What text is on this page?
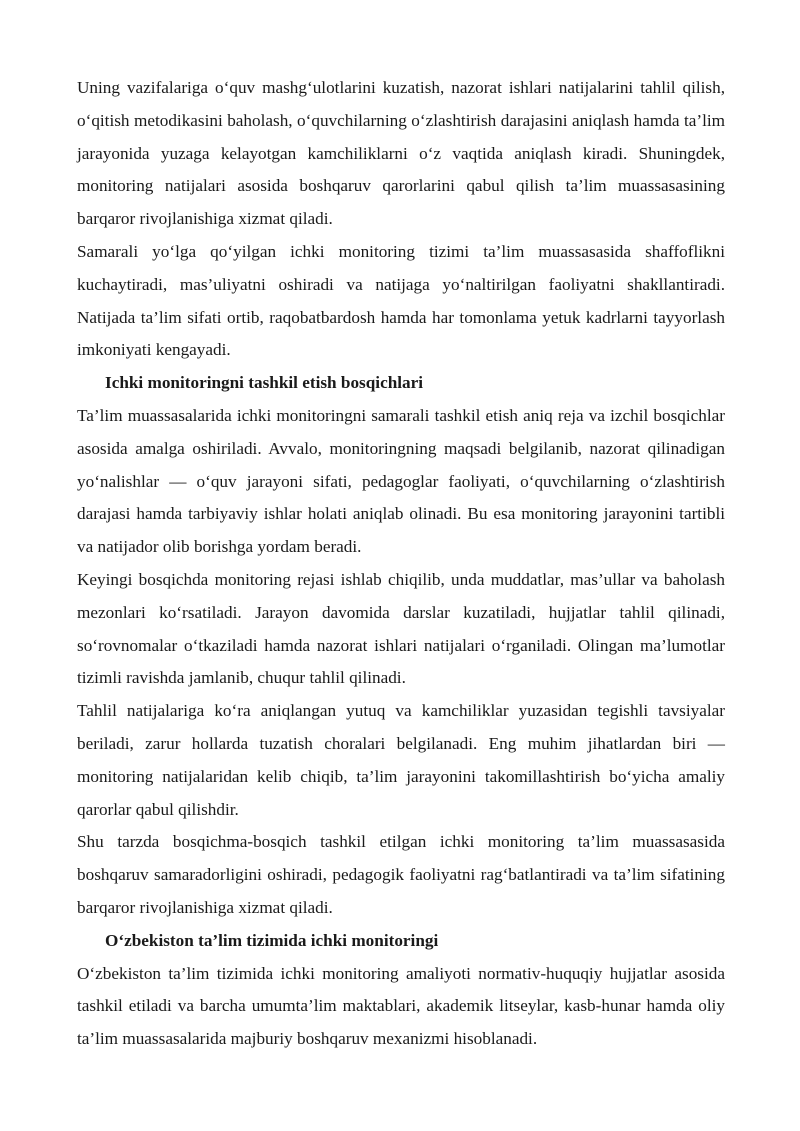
Uning vazifalariga o‘quv mashg‘ulotlarini kuzatish, nazorat ishlari natijalarini tahlil qilish, o‘qitish metodikasini baholash, o‘quvchilarning o‘zlashtirish darajasini aniqlash hamda ta’lim jarayonida yuzaga kelayotgan kamchiliklarni o‘z vaqtida aniqlash kiradi. Shuningdek, monitoring natijalari asosida boshqaruv qarorlarini qabul qilish ta’lim muassasasining barqaror rivojlanishiga xizmat qiladi.

Samarali yo‘lga qo‘yilgan ichki monitoring tizimi ta’lim muassasasida shaffoflikni kuchaytiradi, mas’uliyatni oshiradi va natijaga yo‘naltirilgan faoliyatni shakllantiradi. Natijada ta’lim sifati ortib, raqobatbardosh hamda har tomonlama yetuk kadrlarni tayyorlash imkoniyati kengayadi.

Ichki monitoringni tashkil etish bosqichlari

Ta’lim muassasalarida ichki monitoringni samarali tashkil etish aniq reja va izchil bosqichlar asosida amalga oshiriladi. Avvalo, monitoringning maqsadi belgilanib, nazorat qilinadigan yo‘nalishlar — o‘quv jarayoni sifati, pedagoglar faoliyati, o‘quvchilarning o‘zlashtirish darajasi hamda tarbiyaviy ishlar holati aniqlab olinadi. Bu esa monitoring jarayonini tartibli va natijador olib borishga yordam beradi.

Keyingi bosqichda monitoring rejasi ishlab chiqilib, unda muddatlar, mas’ullar va baholash mezonlari ko‘rsatiladi. Jarayon davomida darslar kuzatiladi, hujjatlar tahlil qilinadi, so‘rovnomalar o‘tkaziladi hamda nazorat ishlari natijalari o‘rganiladi. Olingan ma’lumotlar tizimli ravishda jamlanib, chuqur tahlil qilinadi.

Tahlil natijalariga ko‘ra aniqlangan yutuq va kamchiliklar yuzasidan tegishli tavsiyalar beriladi, zarur hollarda tuzatish choralari belgilanadi. Eng muhim jihatlardan biri — monitoring natijalaridan kelib chiqib, ta’lim jarayonini takomillashtirish bo‘yicha amaliy qarorlar qabul qilishdir.

Shu tarzda bosqichma-bosqich tashkil etilgan ichki monitoring ta’lim muassasasida boshqaruv samaradorligini oshiradi, pedagogik faoliyatni rag‘batlantiradi va ta’lim sifatining barqaror rivojlanishiga xizmat qiladi.

O‘zbekiston ta’lim tizimida ichki monitoringi

O‘zbekiston ta’lim tizimida ichki monitoring amaliyoti normativ-huquqiy hujjatlar asosida tashkil etiladi va barcha umumta’lim maktablari, akademik litseylar, kasb-hunar hamda oliy ta’lim muassasalarida majburiy boshqaruv mexanizmi hisoblanadi.
